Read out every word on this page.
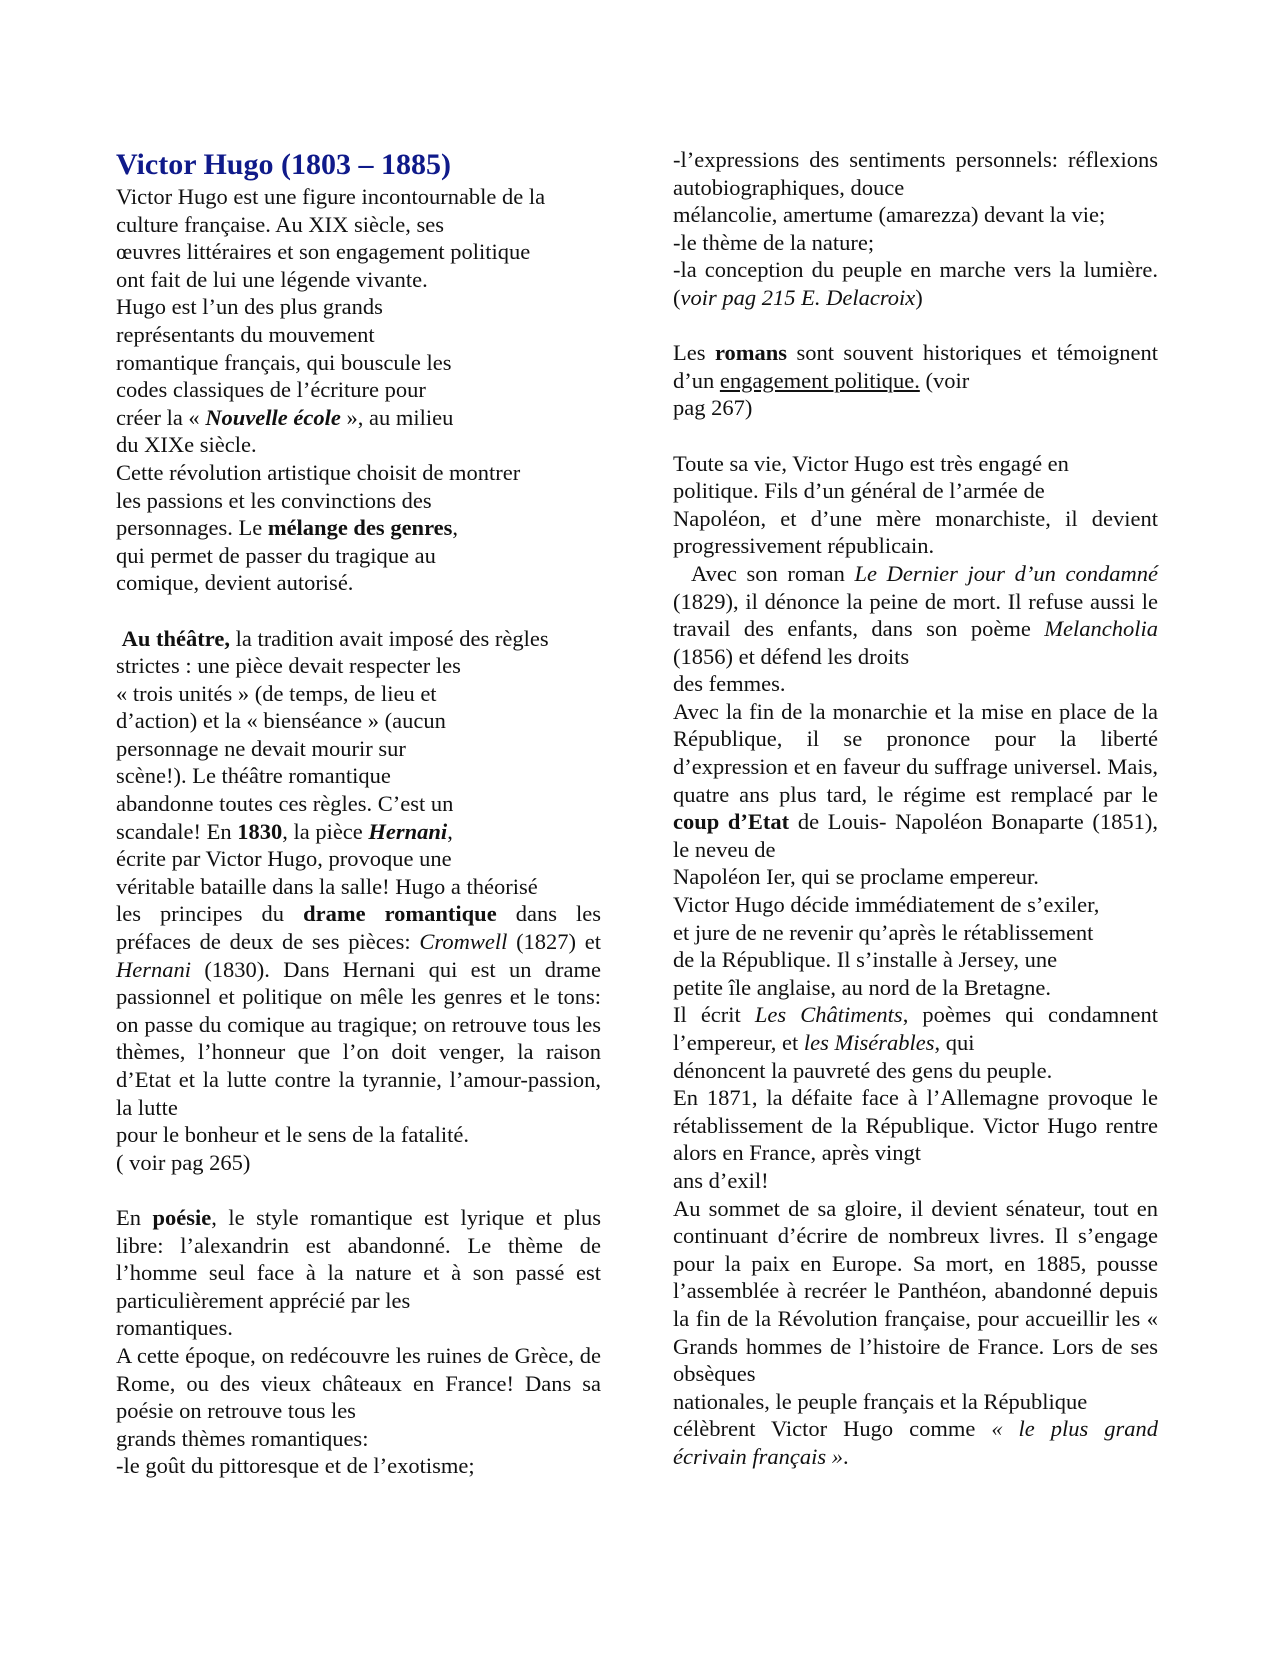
Victor Hugo (1803 – 1885)
Victor Hugo est une figure incontournable de la
culture française. Au XIX siècle, ses
œuvres littéraires et son engagement politique
ont fait de lui une légende vivante.
Hugo est l’un des plus grands
représentants du mouvement
romantique français, qui bouscule les
codes classiques de l’écriture pour
créer la « Nouvelle école », au milieu
du XIXe siècle.
Cette révolution artistique choisit de montrer
les passions et les convinctions des
personnages. Le mélange des genres,
qui permet de passer du tragique au
comique, devient autorisé.
Au théâtre, la tradition avait imposé des règles
strictes : une pièce devait respecter les
« trois unités » (de temps, de lieu et
d’action) et la « bienséance » (aucun
personnage ne devait mourir sur
scène!). Le théâtre romantique
abandonne toutes ces règles. C’est un
scandale! En 1830, la pièce Hernani,
écrite par Victor Hugo, provoque une
véritable bataille dans la salle! Hugo a théorisé
les principes du drame romantique dans les préfaces de deux de ses pièces: Cromwell (1827) et Hernani (1830). Dans Hernani qui est un drame passionnel et politique on mêle les genres et le tons: on passe du comique au tragique; on retrouve tous les thèmes, l’honneur que l’on doit venger, la raison d’Etat et la lutte contre la tyrannie, l’amour-passion, la lutte
pour le bonheur et le sens de la fatalité.
( voir pag 265)
En poésie, le style romantique est lyrique et plus libre: l’alexandrin est abandonné. Le thème de l’homme seul face à la nature et à son passé est particulièrement apprécié par les
romantiques.
A cette époque, on redécouvre les ruines de Grèce, de Rome, ou des vieux châteaux en France! Dans sa poésie on retrouve tous les
grands thèmes romantiques:
-le goût du pittoresque et de l’exotisme;
-l’expressions des sentiments personnels: réflexions autobiographiques, douce
mélancolie, amertume (amarezza) devant la vie;
-le thème de la nature;
-la conception du peuple en marche vers la lumière. (voir pag 215 E. Delacroix)
Les romans sont souvent historiques et témoignent d’un engagement politique. (voir
pag 267)
Toute sa vie, Victor Hugo est très engagé en
politique. Fils d’un général de l’armée de
Napoléon, et d’une mère monarchiste, il devient progressivement républicain.
Avec son roman Le Dernier jour d’un condamné (1829), il dénonce la peine de mort. Il refuse aussi le travail des enfants, dans son poème Melancholia (1856) et défend les droits
des femmes.
Avec la fin de la monarchie et la mise en place de la République, il se prononce pour la liberté d’expression et en faveur du suffrage universel. Mais, quatre ans plus tard, le régime est remplacé par le coup d’Etat de Louis- Napoléon Bonaparte (1851), le neveu de
Napoléon Ier, qui se proclame empereur.
Victor Hugo décide immédiatement de s’exiler,
et jure de ne revenir qu’après le rétablissement
de la République. Il s’installe à Jersey, une
petite île anglaise, au nord de la Bretagne.
Il écrit Les Châtiments, poèmes qui condamnent l’empereur, et les Misérables, qui
dénoncent la pauvreté des gens du peuple.
En 1871, la défaite face à l’Allemagne provoque le rétablissement de la République. Victor Hugo rentre alors en France, après vingt
ans d’exil!
Au sommet de sa gloire, il devient sénateur, tout en continuant d’écrire de nombreux livres. Il s’engage pour la paix en Europe. Sa mort, en 1885, pousse l’assemblée à recréer le Panthéon, abandonné depuis la fin de la Révolution française, pour accueillir les « Grands hommes de l’histoire de France. Lors de ses obsèques
nationales, le peuple français et la République
célèbrent Victor Hugo comme « le plus grand écrivain français ».
